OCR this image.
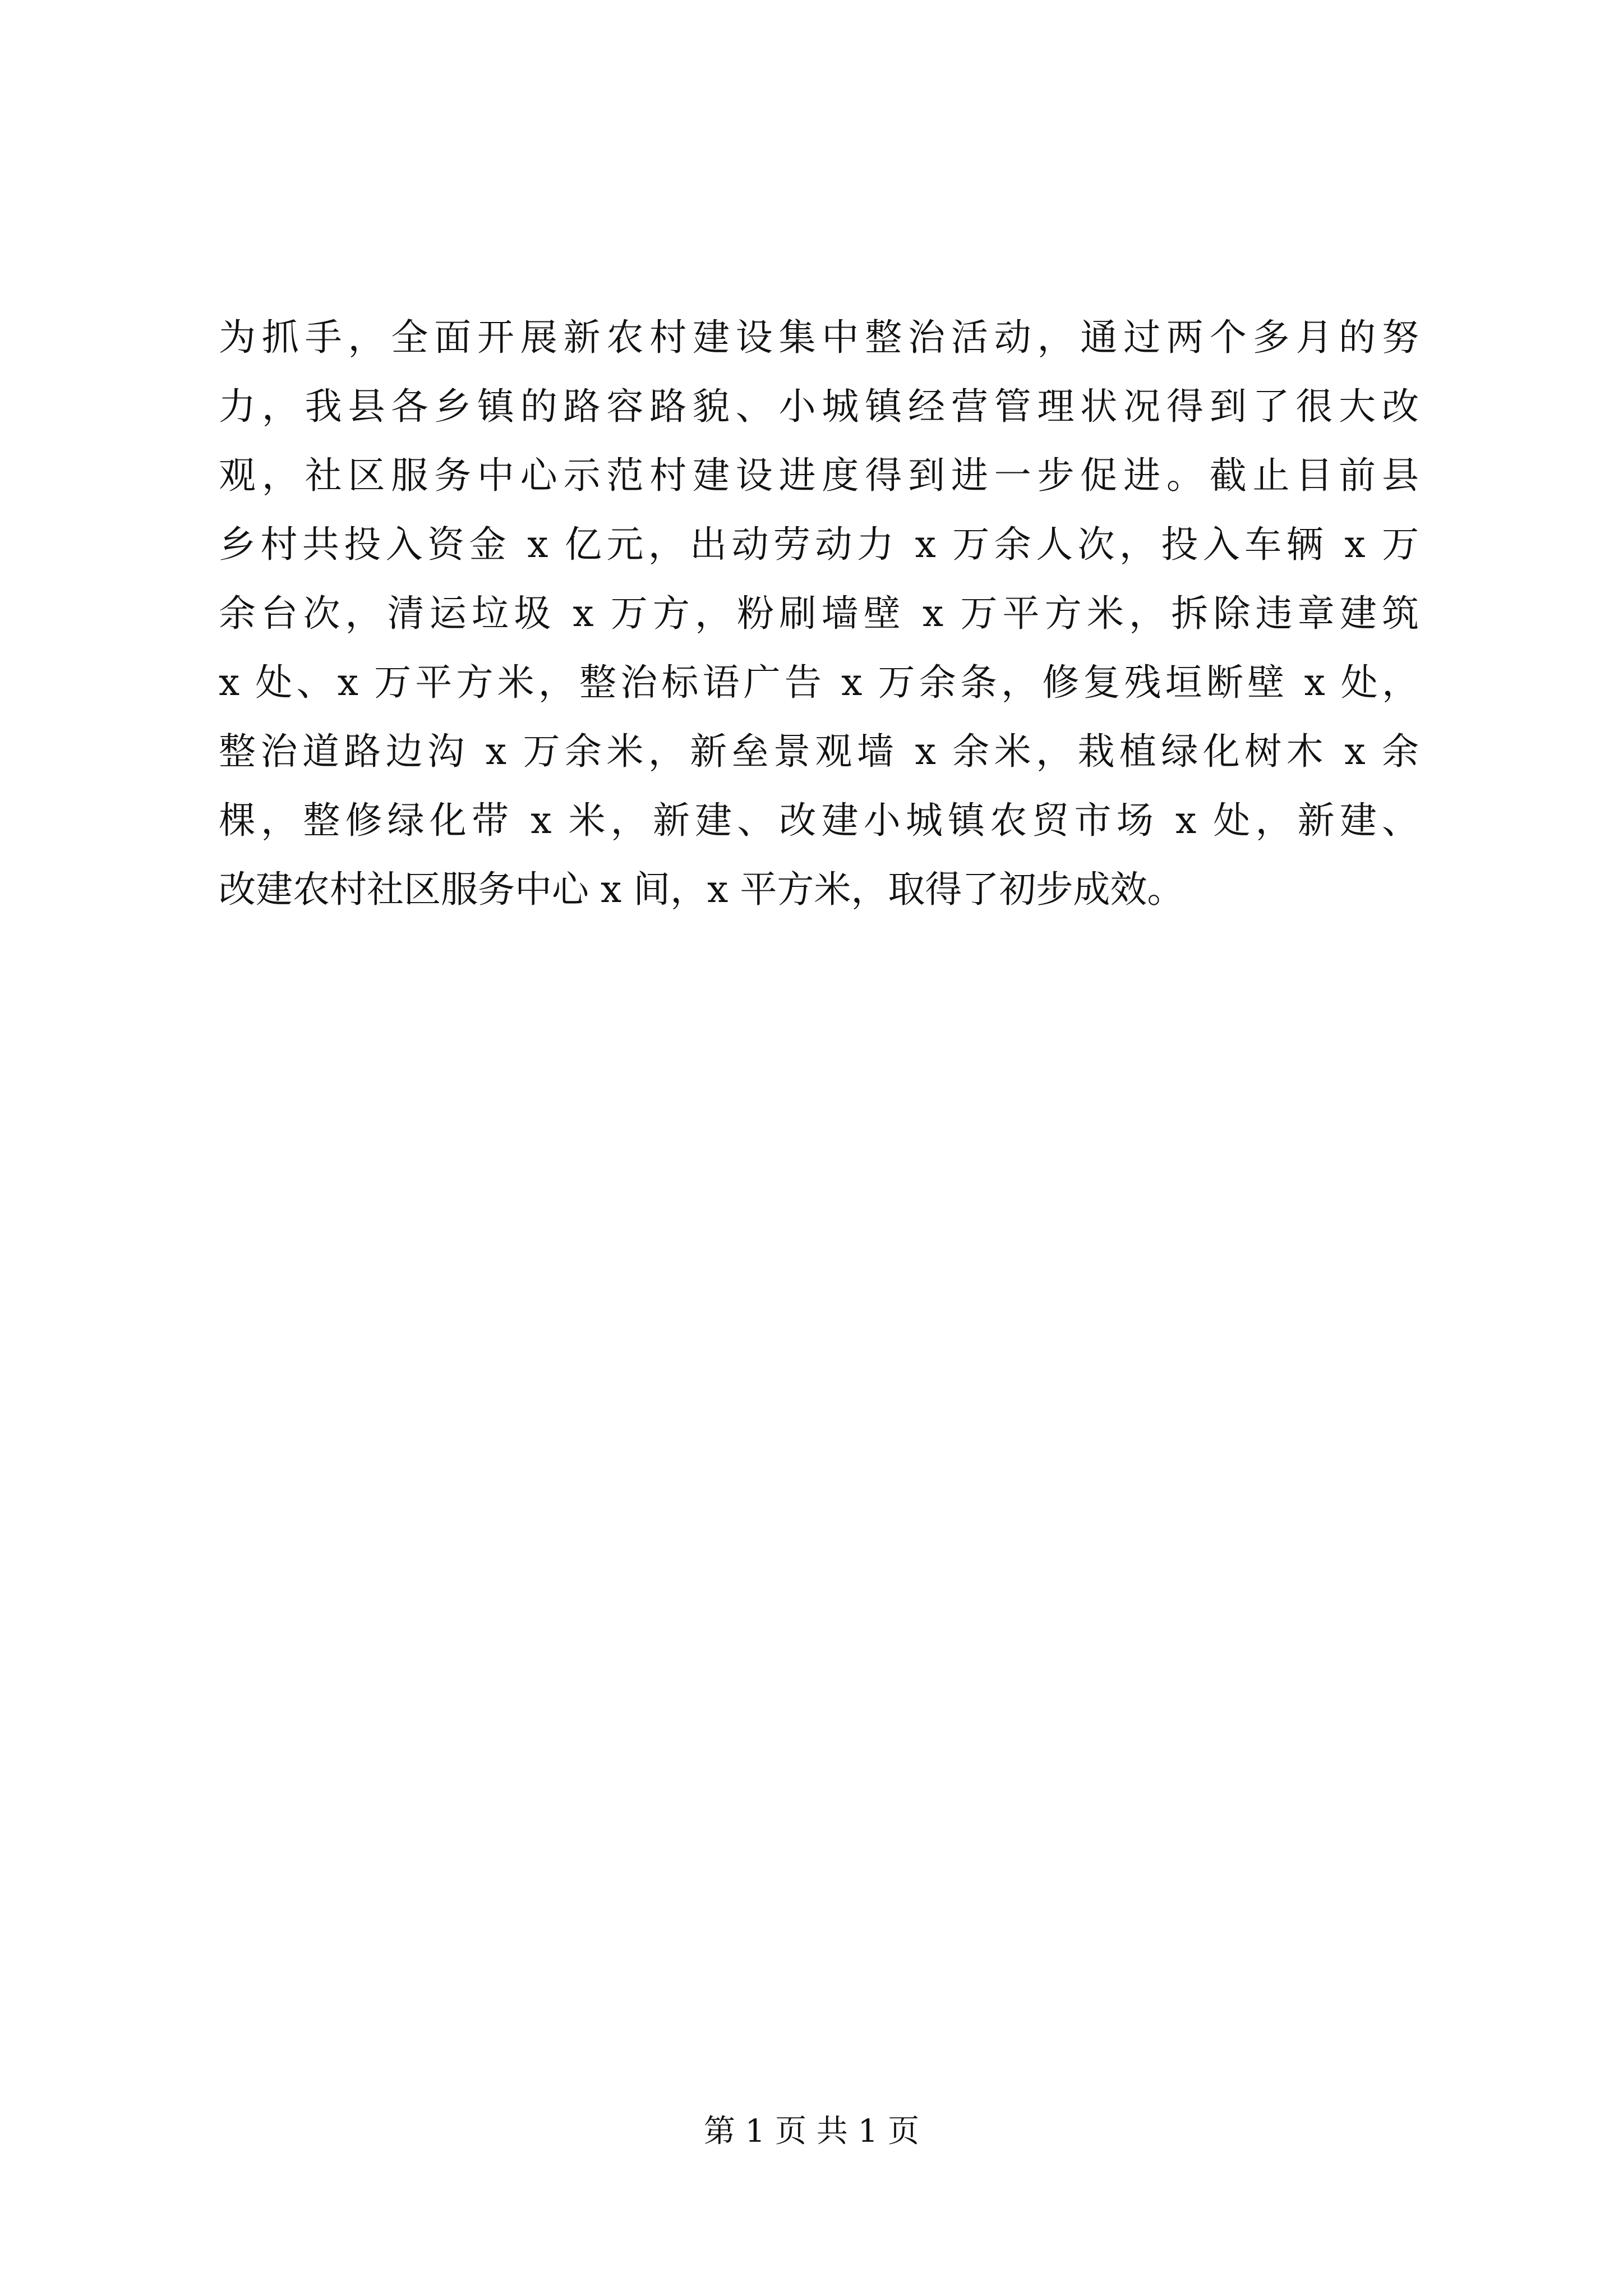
为抓手，全面开展新农村建设集中整治活动，通过两个多月的努
力，我县各乡镇的路容路貌、小城镇经营管理状况得到了很大改
观，社区服务中心示范村建设进度得到进一步促进。截止目前县
乡村共投入资金 x 亿元，出动劳动力 x 万余人次，投入车辆 x 万
余台次，清运垃圾 x 万方，粉刷墙壁 x 万平方米，拆除违章建筑
x 处、x 万平方米，整治标语广告 x 万余条，修复残垣断壁 x 处，
整治道路边沟 x 万余米，新垒景观墙 x 余米，栽植绿化树木 x 余
棵，整修绿化带 x 米，新建、改建小城镇农贸市场 x 处，新建、
改建农村社区服务中心 x 间，x 平方米，取得了初步成效。
第 1 页 共 1 页
